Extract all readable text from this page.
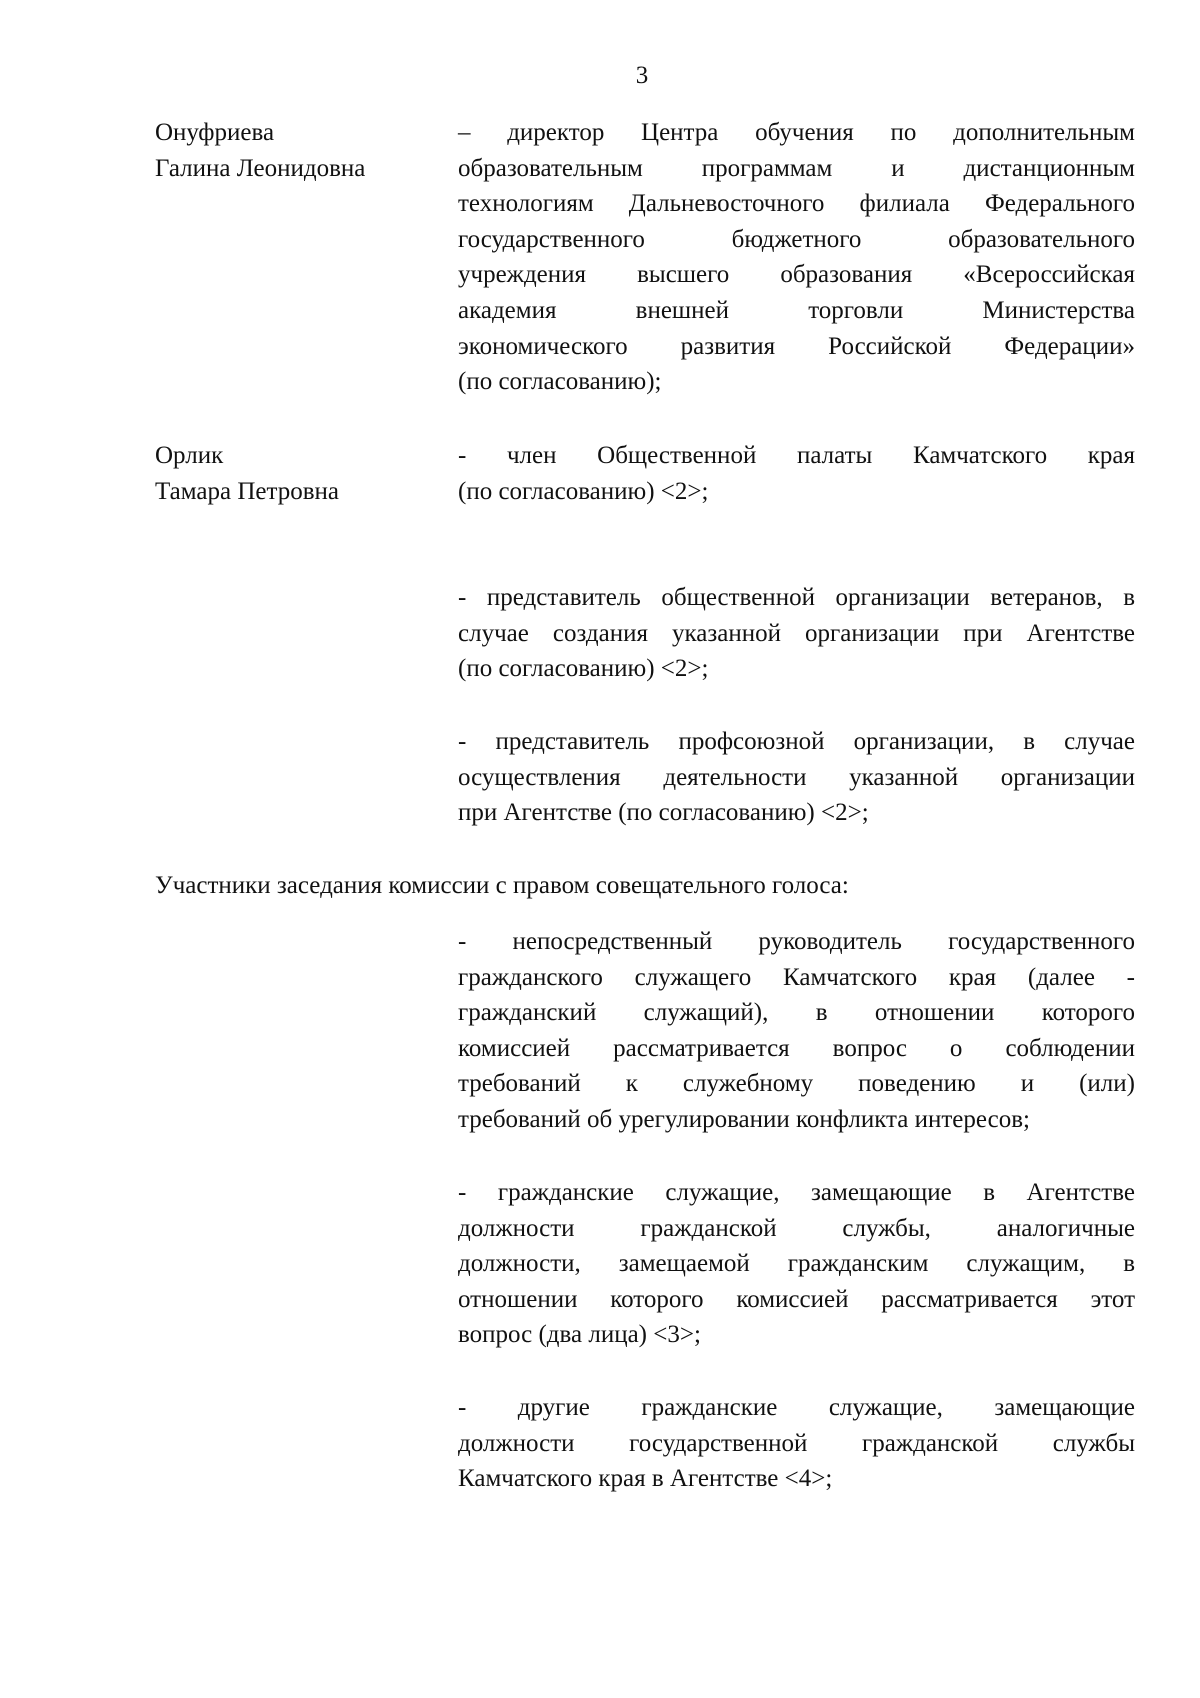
3
Онуфриева
Галина Леонидовна
– директор Центра обучения по дополнительным
образовательным программам и дистанционным
технологиям Дальневосточного филиала Федерального
государственного бюджетного образовательного
учреждения высшего образования «Всероссийская
академия внешней торговли Министерства
экономического развития Российской Федерации»
(по согласованию);
Орлик
Тамара Петровна
- член Общественной палаты Камчатского края
(по согласованию) <2>;
- представитель общественной организации ветеранов, в
случае создания указанной организации при Агентстве
(по согласованию) <2>;
- представитель профсоюзной организации, в случае
осуществления деятельности указанной организации
при Агентстве (по согласованию) <2>;
Участники заседания комиссии с правом совещательного голоса:
- непосредственный руководитель государственного
гражданского служащего Камчатского края (далее -
гражданский служащий), в отношении которого
комиссией рассматривается вопрос о соблюдении
требований к служебному поведению и (или)
требований об урегулировании конфликта интересов;
- гражданские служащие, замещающие в Агентстве
должности гражданской службы, аналогичные
должности, замещаемой гражданским служащим, в
отношении которого комиссией рассматривается этот
вопрос (два лица) <3>;
- другие гражданские служащие, замещающие
должности государственной гражданской службы
Камчатского края в Агентстве <4>;
